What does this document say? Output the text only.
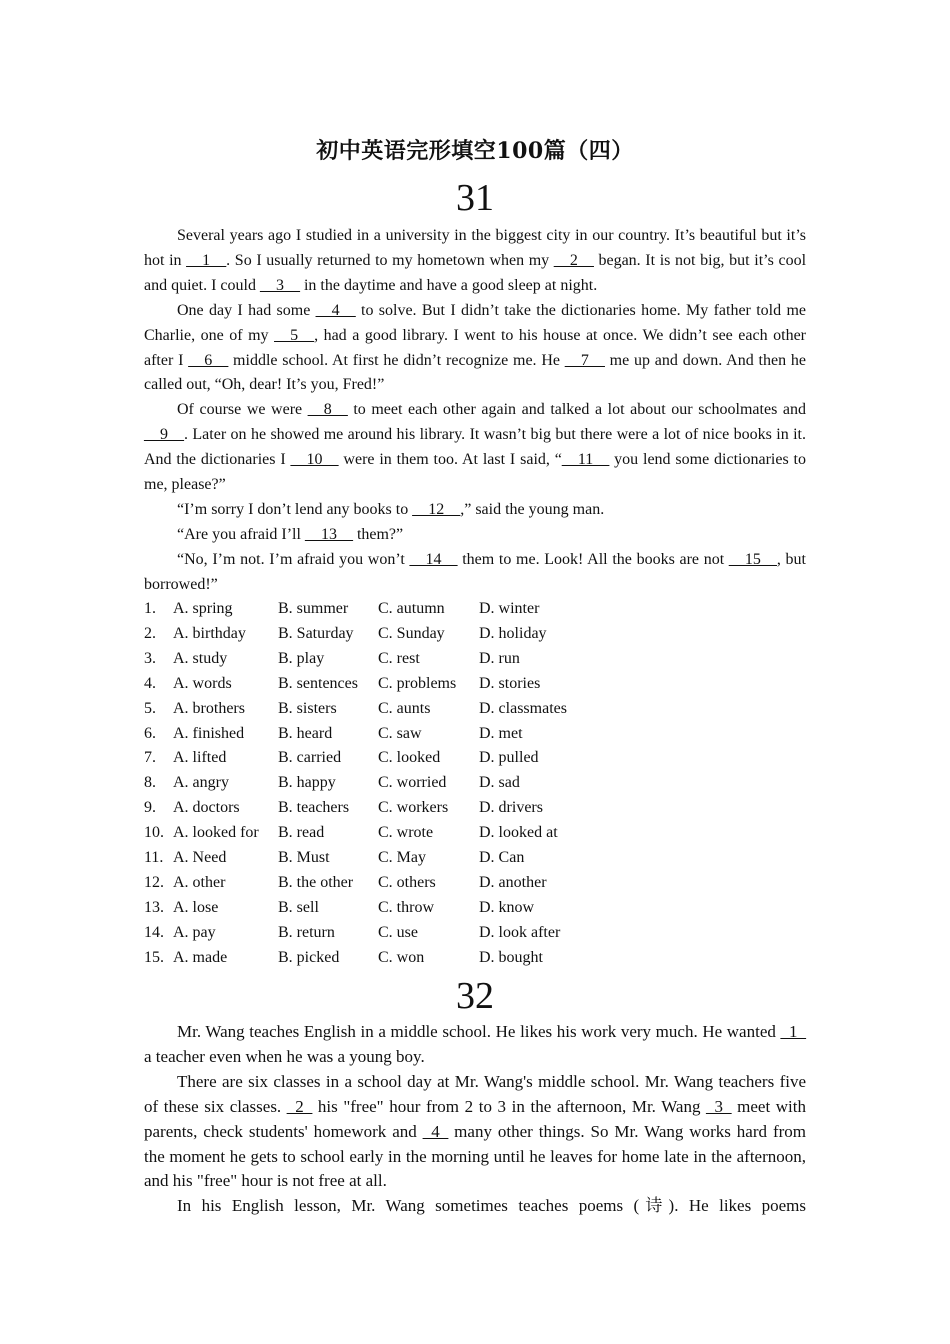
初中英语完形填空100篇（四）
31

Several years ago I studied in a university in the biggest city in our country. It’s beautiful but it’s hot in __1__. So I usually returned to my hometown when my __2__ began. It is not big, but it’s cool and quiet. I could __3__ in the daytime and have a good sleep at night.

One day I had some __4__ to solve. But I didn’t take the dictionaries home. My father told me Charlie, one of my __5__, had a good library. I went to his house at once. We didn’t see each other after I __6__ middle school. At first he didn’t recognize me. He __7__ me up and down. And then he called out, “Oh, dear! It’s you, Fred!”

Of course we were __8__ to meet each other again and talked a lot about our schoolmates and __9__. Later on he showed me around his library. It wasn’t big but there were a lot of nice books in it. And the dictionaries I __10__ were in them too. At last I said, “__11__ you lend some dictionaries to me, please?”

“I’m sorry I don’t lend any books to __12__,” said the young man.

“Are you afraid I’ll __13__ them?”

“No, I’m not. I’m afraid you won’t __14__ them to me. Look! All the books are not __15__, but borrowed!”

1.	A. spring	B. summer	C. autumn	D. winter
2.	A. birthday	B. Saturday	C. Sunday	D. holiday
3.	A. study	B. play	C. rest	D. run
4.	A. words	B. sentences	C. problems	D. stories
5.	A. brothers	B. sisters	C. aunts	D. classmates
6.	A. finished	B. heard	C. saw	D. met
7.	A. lifted	B. carried	C. looked	D. pulled
8.	A. angry	B. happy	C. worried	D. sad
9.	A. doctors	B. teachers	C. workers	D. drivers
10. A. looked for	B. read	C. wrote	D. looked at
11. A. Need	B. Must	C. May	D. Can
12. A. other	B. the other	C. others	D. another
13. A. lose	B. sell	C. throw	D. know
14. A. pay	B. return	C. use	D. look after
15. A. made	B. picked	C. won	D. bought
32

Mr. Wang teaches English in a middle school. He likes his work very much. He wanted _1_ a teacher even when he was a young boy.

There are six classes in a school day at Mr. Wang's middle school. Mr. Wang teachers five of these six classes. _2_ his "free" hour from 2 to 3 in the afternoon, Mr. Wang _3_ meet with parents, check students' homework and _4_ many other things. So Mr. Wang works hard from the moment he gets to school early in the morning until he leaves for home late in the afternoon, and his "free" hour is not free at all.

In his English lesson, Mr. Wang sometimes teaches poems (诗). He likes poems
